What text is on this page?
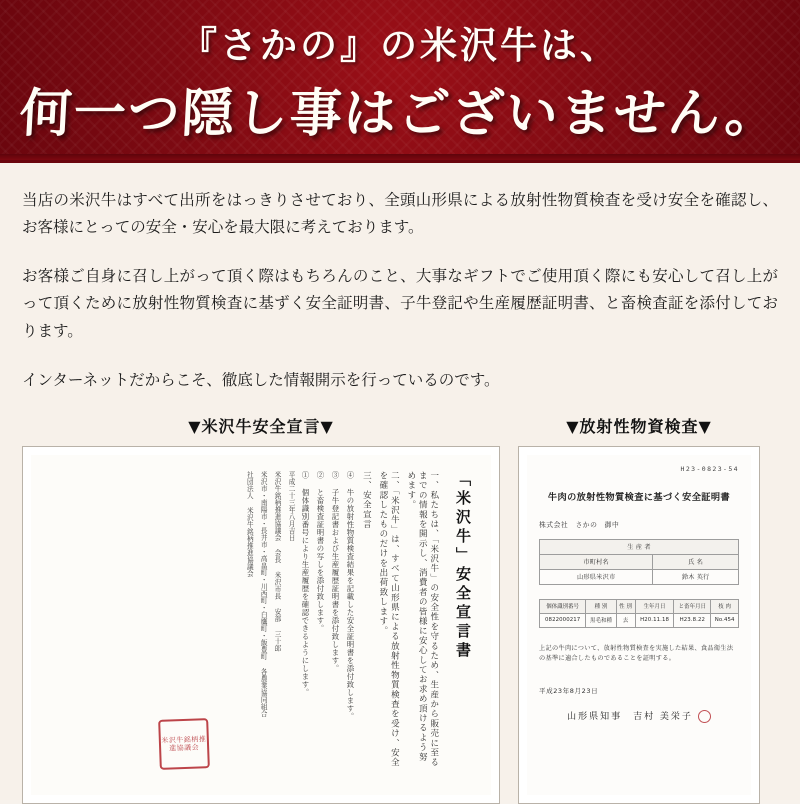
『さかの』の米沢牛は、
何一つ隠し事はございません。

当店の米沢牛はすべて出所をはっきりさせており、全頭山形県による放射性物質検査を受け安全を確認し、お客様にとっての安全・安心を最大限に考えております。

お客様ご自身に召し上がって頂く際はもちろんのこと、大事なギフトでご使用頂く際にも安心して召し上がって頂くために放射性物質検査に基ずく安全証明書、子牛登記や生産履歴証明書、と畜検査証を添付しております。

インターネットだからこそ、徹底した情報開示を行っているのです。

▼米沢牛安全宣言▼
「米沢牛」安全宣言書
一、私たちは、「米沢牛」の安全性を守るため、生産から販売に至るまでの情報を開示し、消費者の皆様に安心してお求め頂けるよう努めます。
二、「米沢牛」は、すべて山形県による放射性物質検査を受け、安全を確認したものだけを出荷致します。
三、安全宣言
④ 牛の放射性物質検査結果を記載した安全証明書を添付致します。
③ 子牛登記書および生産履歴証明書を添付致します。
② と畜検査証明書の写しを添付致します。
① 個体識別番号により生産履歴を確認できるようにします。
平成二十三年八月吉日
米沢牛銘柄推進協議会 会長 米沢市長 安部 三十郎
米沢市・南陽市・長井市・高畠町・川西町・白鷹町・飯豊町 各農業協同組合
社団法人 米沢牛銘柄推進協議会
米沢牛銘柄推進協議会
▼放射性物資検査▼
H23-0823-54
牛肉の放射性物質検査に基づく安全証明書
株式会社　さかの　御中
生 産 者	
市町村名	氏 名
山形県米沢市	鈴木 英行
個体識別番号	種 別	性 別	生年月日	と畜年月日	枝 肉
0822000217	黒毛和種	去	H20.11.18	H23.8.22	No.454
上記の牛肉について、放射性物質検査を実施した結果、食品衛生法の基準に適合したものであることを証明する。
平成23年8月23日
山形県知事　吉村 美栄子
